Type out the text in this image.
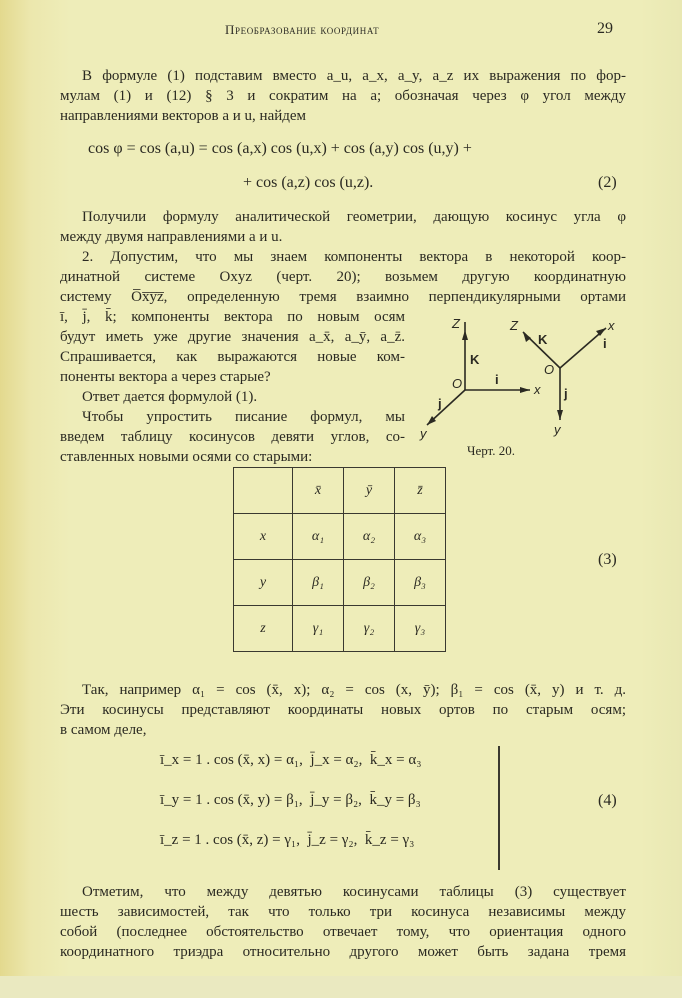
Преобразование координат	29
В формуле (1) подставим вместо a_u, a_x, a_y, a_z их выражения по фор-
мулам (1) и (12) § 3 и сократим на a; обозначая через φ угол между
направлениями векторов a и u, найдем
cos φ = cos (a,u) = cos (a,x) cos (u,x) + cos (a,y) cos (u,y) +
+ cos (a,z) cos (u,z).	(2)
Получили формулу аналитической геометрии, дающую косинус угла φ
между двумя направлениями a и u.
2. Допустим, что мы знаем компоненты вектора в некоторой коор-
динатной системе Oxyz (черт. 20); возьмем другую координатную
систему O̅x̅y̅z̅, определенную тремя взаимно перпендикулярными ортами
ī, j̄, k̄; компоненты вектора по новым осям
будут иметь уже другие значения a_x̄, a_ȳ, a_z̄.
Спрашивается, как выражаются новые ком-
поненты вектора a через старые?
Ответ дается формулой (1).
Чтобы упростить писание формул, мы
введем таблицу косинусов девяти углов, со-
ставленных новыми осями со старыми:
Z
O	x
y
Z	x
O
y
K
i
j
K	i
j
Черт. 20.
	x̄	ȳ	z̄
x	α₁	α₂	α₃
y	β₁	β₂	β₃
z	γ₁	γ₂	γ₃
(3)
Так, например α₁ = cos (x̄, x); α₂ = cos (x, ȳ); β₁ = cos (x̄, y) и т. д.
Эти косинусы представляют координаты новых ортов по старым осям;
в самом деле,
ī_x = 1 . cos (x̄, x) = α₁, j̄_x = α₂, k̄_x = α₃
ī_y = 1 . cos (x̄, y) = β₁, j̄_y = β₂, k̄_y = β₃
ī_z = 1 . cos (x̄, z) = γ₁, j̄_z = γ₂, k̄_z = γ₃
(4)
Отметим, что между девятью косинусами таблицы (3) существует
шесть зависимостей, так что только три косинуса независимы между
собой (последнее обстоятельство отвечает тому, что ориентация одного
координатного триэдра относительно другого может быть задана тремя
